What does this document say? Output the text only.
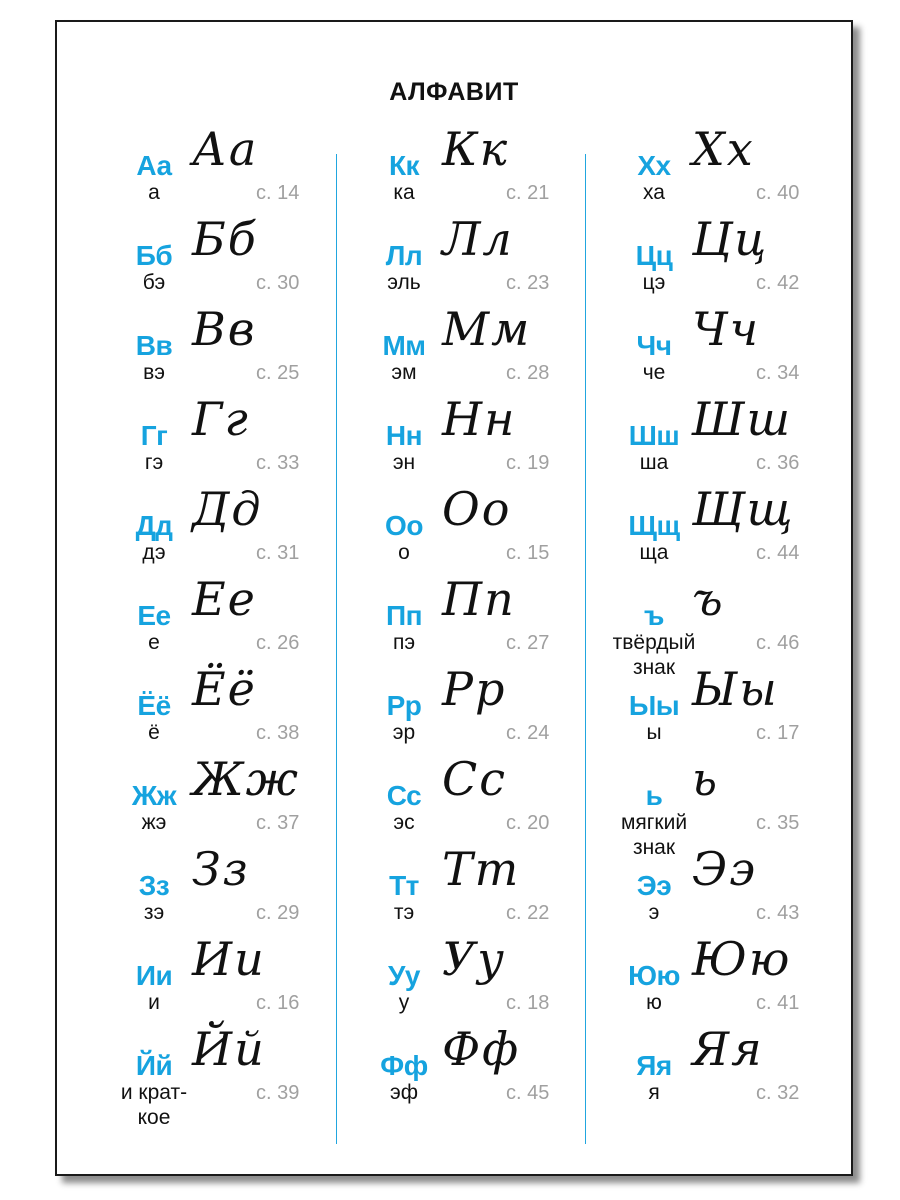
АЛФАВИТ
Аа Аа
а	с. 14
Бб Бб
бэ	с. 30
Вв Вв
вэ	с. 25
Гг Гг
гэ	с. 33
Дд Дд
дэ	с. 31
Ее Ее
е	с. 26
Ёё Ёё
ё	с. 38
Жж Жж
жэ	с. 37
Зз Зз
зэ	с. 29
Ии Ии
и	с. 16
Йй Йй
и крат-
кое
с. 39
Кк Кк
ка	с. 21
Лл Лл
эль	с. 23
Мм Мм
эм	с. 28
Нн Нн
эн	с. 19
Оо Оо
о	с. 15
Пп Пп
пэ	с. 27
Рр Рр
эр	с. 24
Сс Сс
эс	с. 20
Тт Тт
тэ	с. 22
Уу Уу
у	с. 18
Фф Фф
эф	с. 45
Хх Хх
ха	с. 40
Цц Цц
цэ	с. 42
Чч Чч
че	с. 34
Шш Шш
ша	с. 36
Щщ Щщ
ща	с. 44
ъ ъ
твёрдый
знак
с. 46
Ыы Ыы
ы	с. 17
ь ь
мягкий
знак
с. 35
Ээ Ээ
э	с. 43
Юю Юю
ю	с. 41
Яя Яя
я	с. 32
